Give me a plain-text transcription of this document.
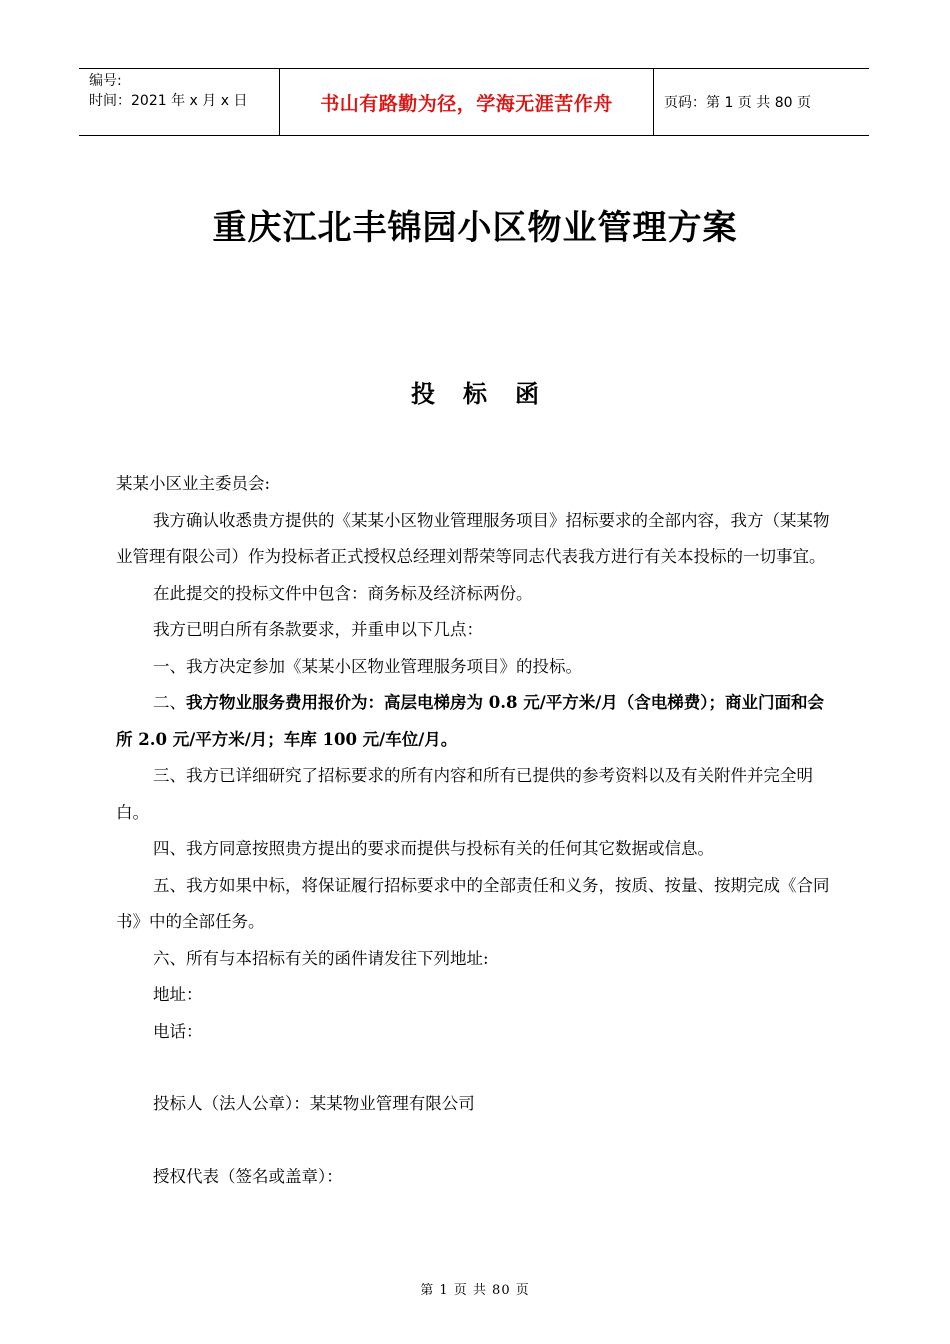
编号:
时间：2021 年 x 月 x 日	书山有路勤为径，学海无涯苦作舟	页码：第 1 页 共 80 页
重庆江北丰锦园小区物业管理方案
投标函

某某小区业主委员会:

我方确认收悉贵方提供的《某某小区物业管理服务项目》招标要求的全部内容，我方（某某物业管理有限公司）作为投标者正式授权总经理刘帮荣等同志代表我方进行有关本投标的一切事宜。

在此提交的投标文件中包含：商务标及经济标两份。

我方已明白所有条款要求，并重申以下几点：

一、我方决定参加《某某小区物业管理服务项目》的投标。

二、我方物业服务费用报价为：高层电梯房为 0.8 元/平方米/月（含电梯费）；商业门面和会所 2.0 元/平方米/月；车库 100 元/车位/月。

三、我方已详细研究了招标要求的所有内容和所有已提供的参考资料以及有关附件并完全明白。

四、我方同意按照贵方提出的要求而提供与投标有关的任何其它数据或信息。

五、我方如果中标，将保证履行招标要求中的全部责任和义务，按质、按量、按期完成《合同书》中的全部任务。

六、所有与本招标有关的函件请发往下列地址:

地址：

电话：

投标人（法人公章）：某某物业管理有限公司

授权代表（签名或盖章）：

第 1 页 共 80 页
